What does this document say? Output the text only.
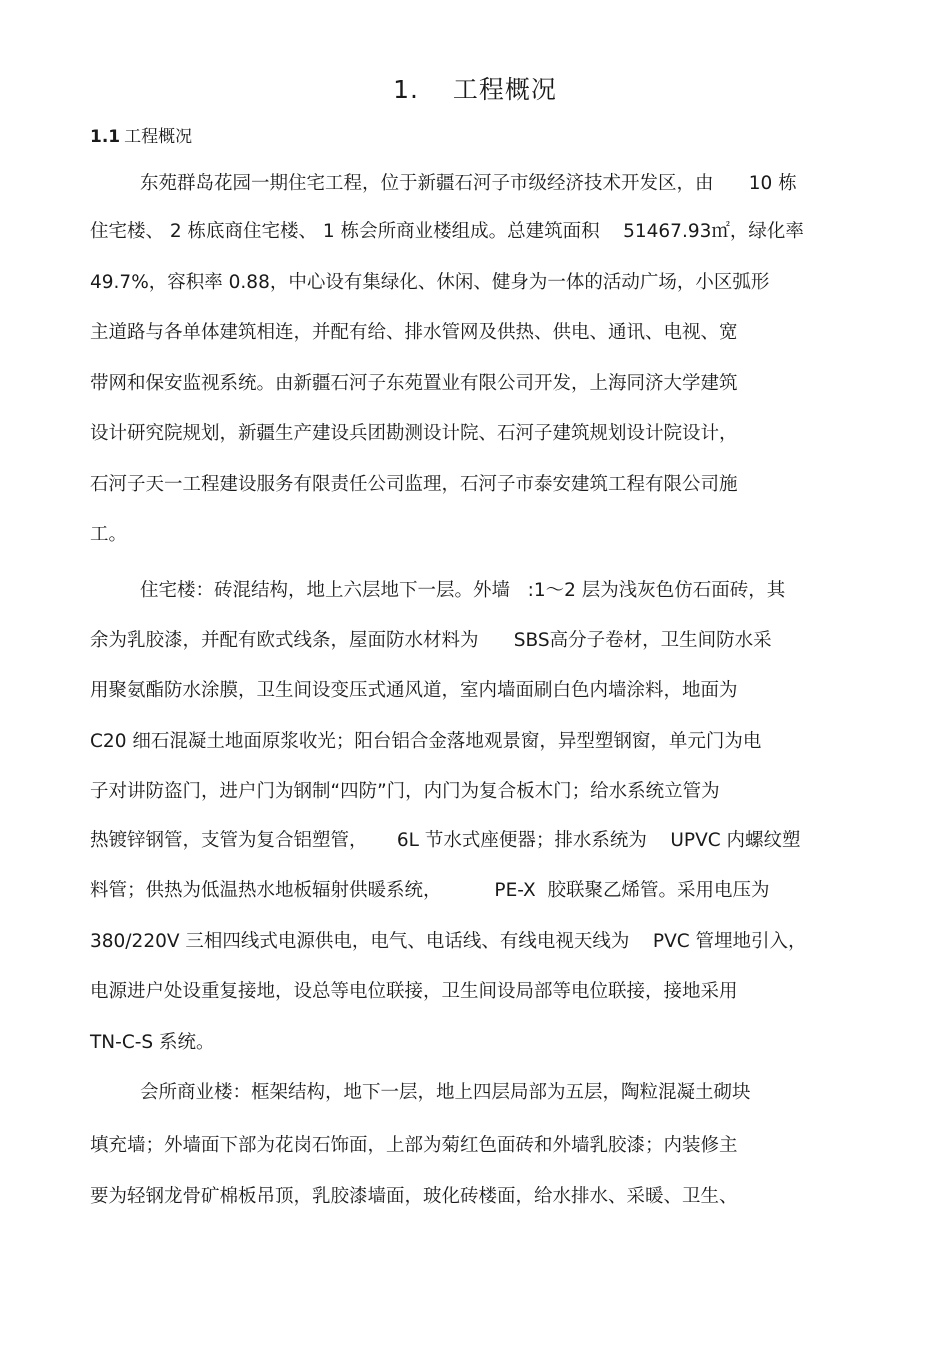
1. 工程概况
1.1 工程概况
东苑群岛花园一期住宅工程，位于新疆石河子市级经济技术开发区，由      10 栋
住宅楼、 2 栋底商住宅楼、 1 栋会所商业楼组成。总建筑面积    51467.93㎡，绿化率
49.7%，容积率 0.88，中心设有集绿化、休闲、健身为一体的活动广场，小区弧形
主道路与各单体建筑相连，并配有给、排水管网及供热、供电、通讯、电视、宽
带网和保安监视系统。由新疆石河子东苑置业有限公司开发，上海同济大学建筑
设计研究院规划，新疆生产建设兵团勘测设计院、石河子建筑规划设计院设计，
石河子天一工程建设服务有限责任公司监理，石河子市泰安建筑工程有限公司施
工。
住宅楼：砖混结构，地上六层地下一层。外墙   :1～2 层为浅灰色仿石面砖，其
余为乳胶漆，并配有欧式线条，屋面防水材料为      SBS高分子卷材，卫生间防水采
用聚氨酯防水涂膜，卫生间设变压式通风道，室内墙面刷白色内墙涂料，地面为
C20 细石混凝土地面原浆收光；阳台铝合金落地观景窗，异型塑钢窗，单元门为电
子对讲防盗门，进户门为钢制“四防”门，内门为复合板木门；给水系统立管为
热镀锌钢管，支管为复合铝塑管，     6L 节水式座便器；排水系统为    UPVC 内螺纹塑
料管；供热为低温热水地板辐射供暖系统，         PE-X  胶联聚乙烯管。采用电压为
380/220V 三相四线式电源供电，电气、电话线、有线电视天线为    PVC 管埋地引入，
电源进户处设重复接地，设总等电位联接，卫生间设局部等电位联接，接地采用
TN-C-S 系统。
会所商业楼：框架结构，地下一层，地上四层局部为五层，陶粒混凝土砌块
填充墙；外墙面下部为花岗石饰面，上部为菊红色面砖和外墙乳胶漆；内装修主
要为轻钢龙骨矿棉板吊顶，乳胶漆墙面，玻化砖楼面，给水排水、采暖、卫生、
